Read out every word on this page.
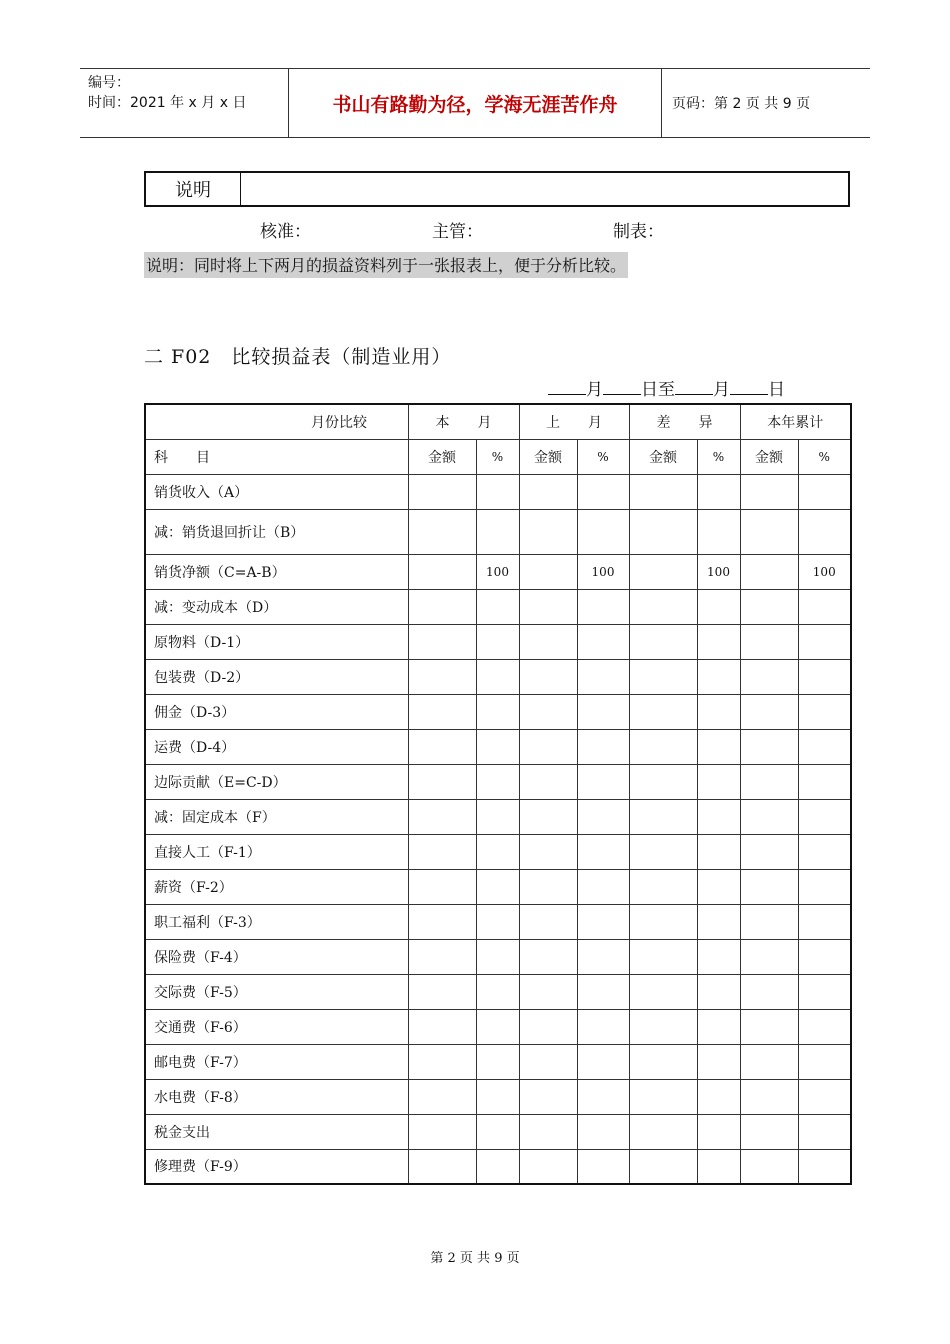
编号：
时间：2021 年 x 月 x 日	书山有路勤为径，学海无涯苦作舟	页码：第 2 页 共 9 页
说明
核准：	主管：	制表：
说明：同时将上下两月的损益资料列于一张报表上，便于分析比较。
二 F02　比较损益表（制造业用）
月 日至 月 日
月份比较	本　　月		上　　月		差　　异		本年累计	
科　　目	金额	%	金额	%	金额	%	金额	%
销货收入（A）								
减：销货退回折让（B）								
销货净额（C=A-B）		100		100		100		100
减：变动成本（D）								
原物料（D-1）								
包装费（D-2）								
佣金（D-3）								
运费（D-4）								
边际贡献（E=C-D）								
减：固定成本（F）								
直接人工（F-1）								
薪资（F-2）								
职工福利（F-3）								
保险费（F-4）								
交际费（F-5）								
交通费（F-6）								
邮电费（F-7）								
水电费（F-8）								
税金支出								
修理费（F-9）								
第 2 页 共 9 页
